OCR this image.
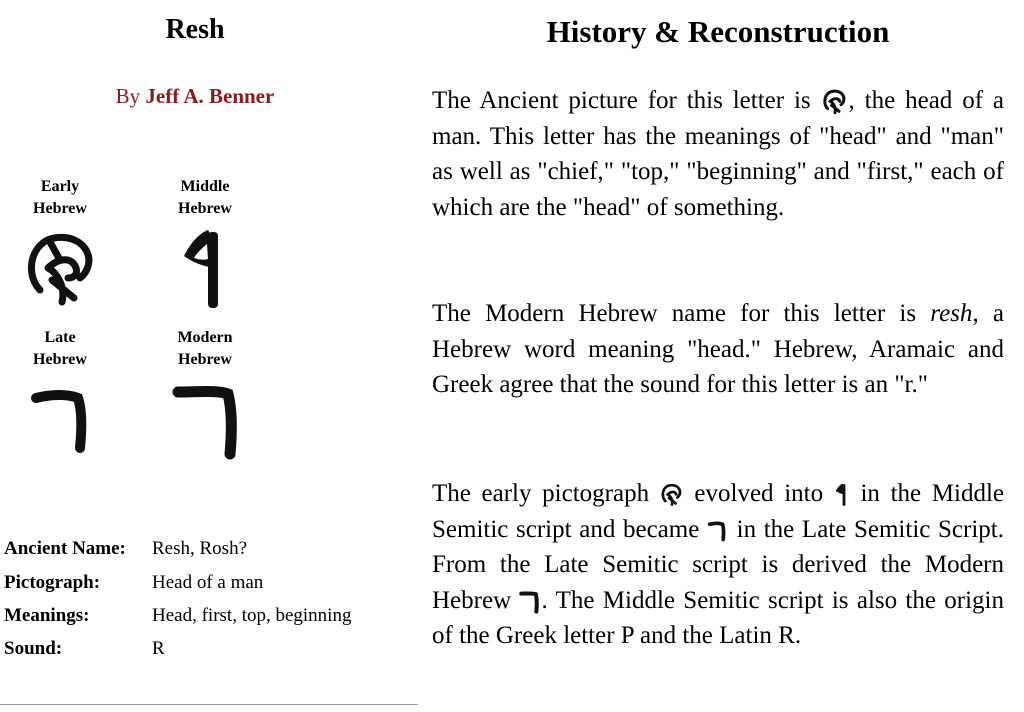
Resh
By Jeff A. Benner
Early
Hebrew
Middle
Hebrew
Late
Hebrew
Modern
Hebrew
Ancient Name: Resh, Rosh?
Pictograph:	Head of a man
Meanings:	Head, first, top, beginning
Sound:	R
History & Reconstruction
The Ancient picture for this letter is , the head of a man. This letter has the meanings of "head" and "man" as well as "chief," "top," "beginning" and "first," each of which are the "head" of something.
The Modern Hebrew name for this letter is resh, a Hebrew word meaning "head." Hebrew, Aramaic and Greek agree that the sound for this letter is an "r."
The early pictograph evolved into in the Middle Semitic script and became in the Late Semitic Script. From the Late Semitic script is derived the Modern Hebrew . The Middle Semitic script is also the origin of the Greek letter P and the Latin R.
